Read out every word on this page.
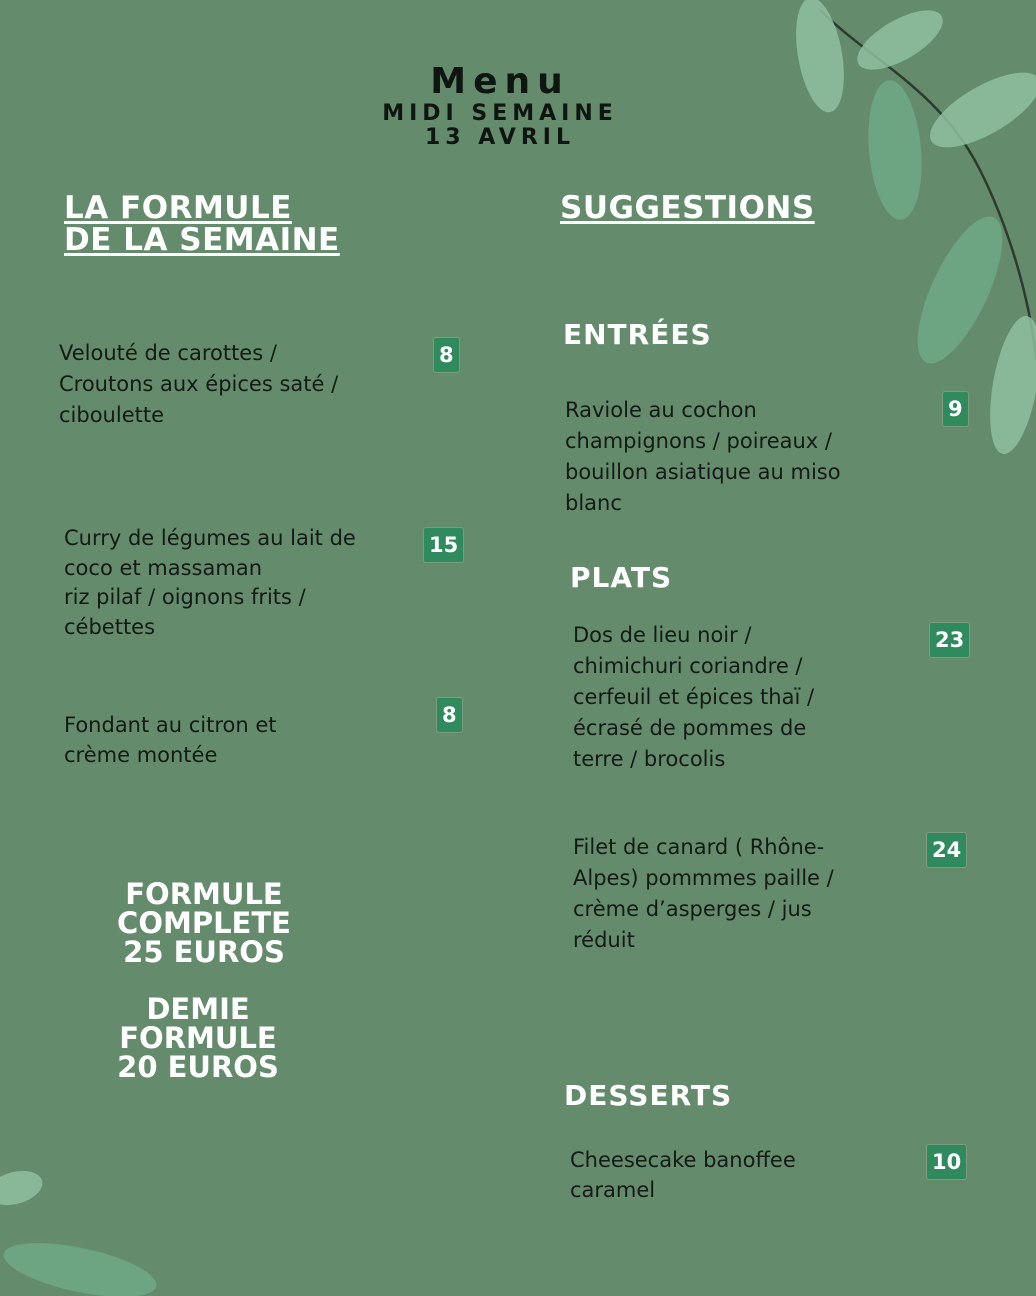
Menu
MIDI SEMAINE
13 AVRIL
LA FORMULE
DE LA SEMAINE
Velouté de carottes /
Croutons aux épices saté /
ciboulette
8
Curry de légumes au lait de
coco et massaman
riz pilaf / oignons frits /
cébettes
15
Fondant au citron et
crème montée
8
FORMULE
COMPLETE
25 EUROS
DEMIE
FORMULE
20 EUROS
SUGGESTIONS
ENTRÉES
Raviole au cochon
champignons / poireaux /
bouillon asiatique au miso
blanc
9
PLATS
Dos de lieu noir /
chimichuri coriandre /
cerfeuil et épices thaï /
écrasé de pommes de
terre / brocolis
23
Filet de canard ( Rhône-
Alpes) pommmes paille /
crème d’asperges / jus
réduit
24
DESSERTS
Cheesecake banoffee
caramel
10
